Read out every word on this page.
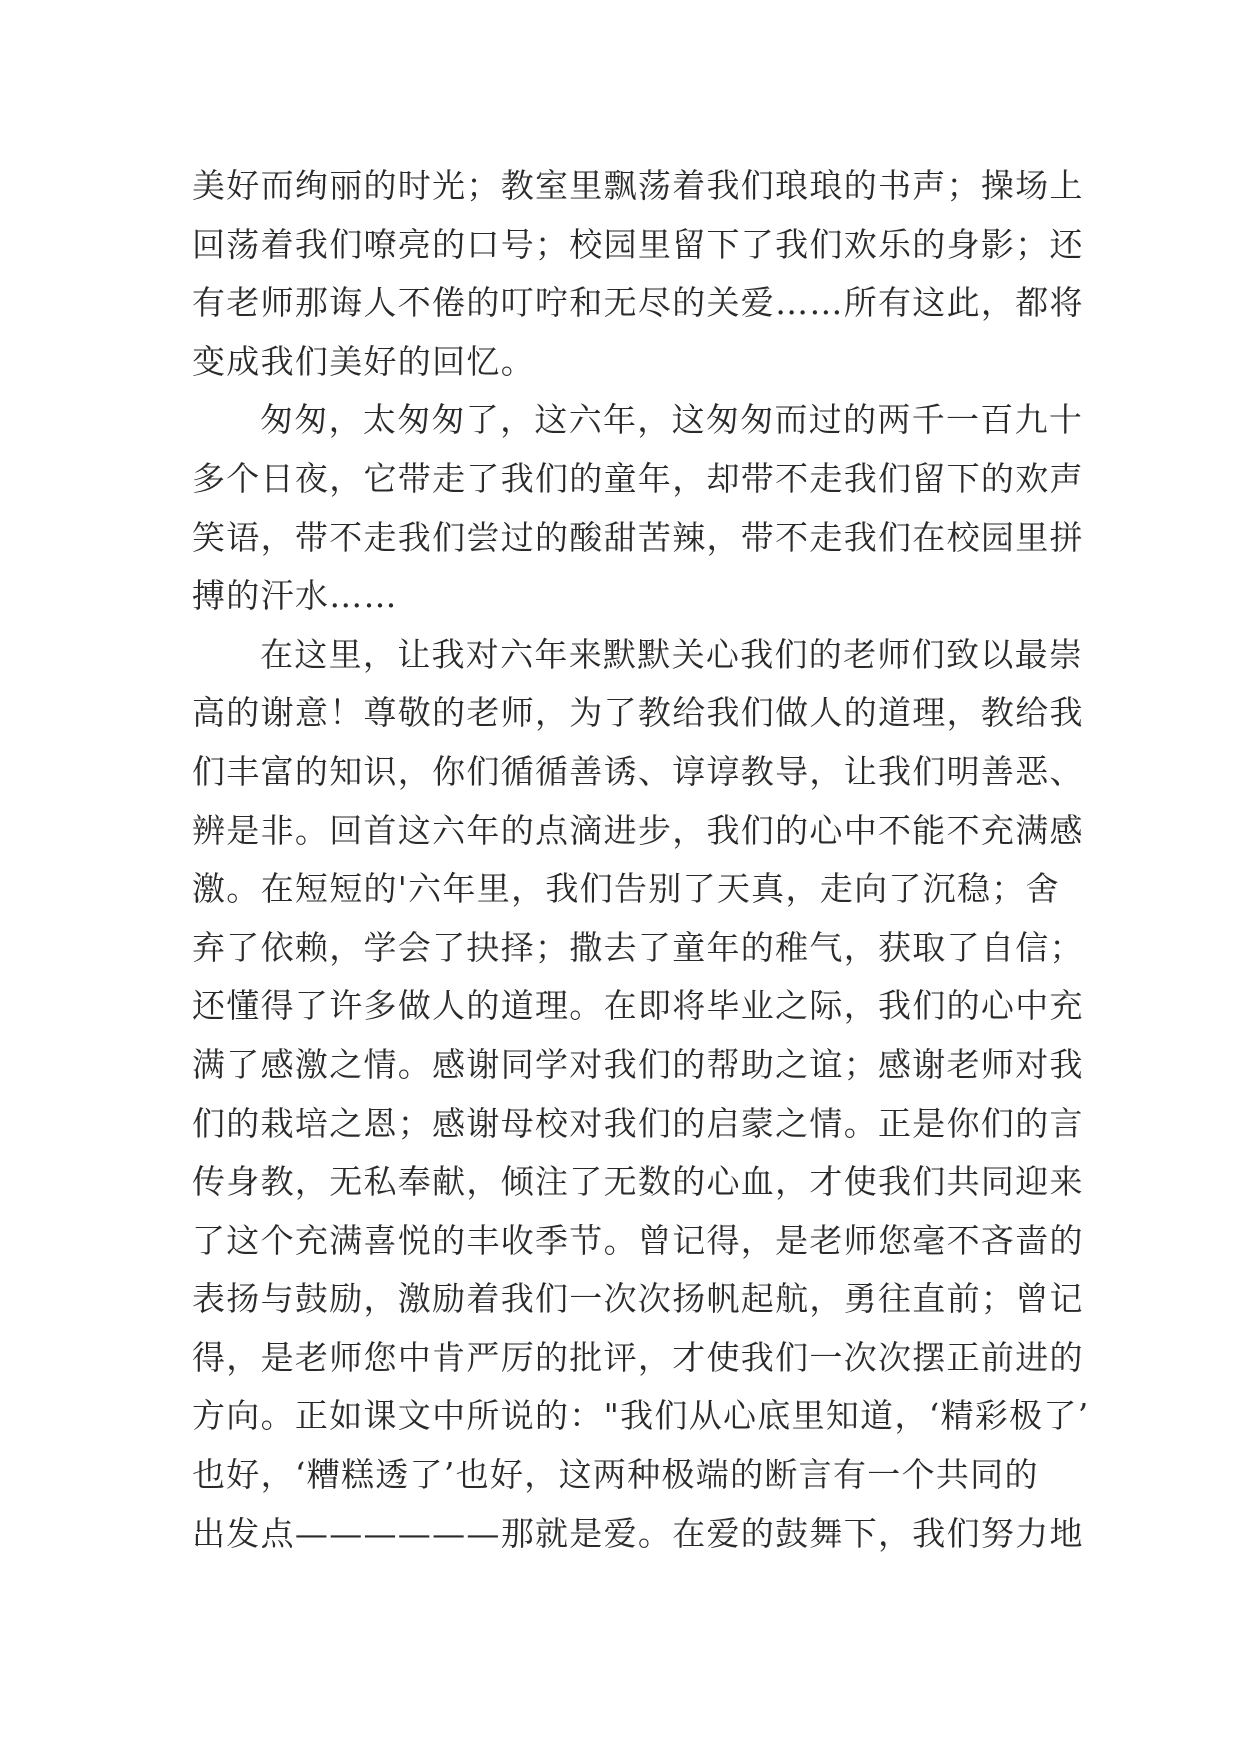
美好而绚丽的时光；教室里飘荡着我们琅琅的书声；操场上
回荡着我们嘹亮的口号；校园里留下了我们欢乐的身影；还
有老师那诲人不倦的叮咛和无尽的关爱……所有这此，都将
变成我们美好的回忆。
匆匆，太匆匆了，这六年，这匆匆而过的两千一百九十
多个日夜，它带走了我们的童年，却带不走我们留下的欢声
笑语，带不走我们尝过的酸甜苦辣，带不走我们在校园里拼
搏的汗水……
在这里，让我对六年来默默关心我们的老师们致以最崇
高的谢意！尊敬的老师，为了教给我们做人的道理，教给我
们丰富的知识，你们循循善诱、谆谆教导，让我们明善恶、
辨是非。回首这六年的点滴进步，我们的心中不能不充满感
激。在短短的'六年里，我们告别了天真，走向了沉稳；舍
弃了依赖，学会了抉择；撒去了童年的稚气，获取了自信；
还懂得了许多做人的道理。在即将毕业之际，我们的心中充
满了感激之情。感谢同学对我们的帮助之谊；感谢老师对我
们的栽培之恩；感谢母校对我们的启蒙之情。正是你们的言
传身教，无私奉献，倾注了无数的心血，才使我们共同迎来
了这个充满喜悦的丰收季节。曾记得，是老师您毫不吝啬的
表扬与鼓励，激励着我们一次次扬帆起航，勇往直前；曾记
得，是老师您中肯严厉的批评，才使我们一次次摆正前进的
方向。正如课文中所说的："我们从心底里知道，‘精彩极了’
也好，‘糟糕透了’也好，这两种极端的断言有一个共同的
出发点——————那就是爱。在爱的鼓舞下，我们努力地
